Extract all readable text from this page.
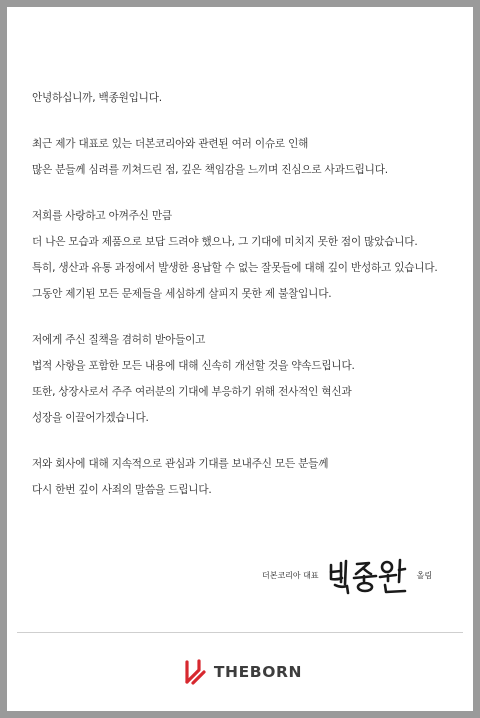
안녕하십니까, 백종원입니다.
최근 제가 대표로 있는 더본코리아와 관련된 여러 이슈로 인해
많은 분들께 심려를 끼쳐드린 점, 깊은 책임감을 느끼며 진심으로 사과드립니다.
저희를 사랑하고 아껴주신 만큼
더 나은 모습과 제품으로 보답 드려야 했으나, 그 기대에 미치지 못한 점이 많았습니다.
특히, 생산과 유통 과정에서 발생한 용납할 수 없는 잘못들에 대해 깊이 반성하고 있습니다.
그동안 제기된 모든 문제들을 세심하게 살피지 못한 제 불찰입니다.
저에게 주신 질책을 겸허히 받아들이고
법적 사항을 포함한 모든 내용에 대해 신속히 개선할 것을 약속드립니다.
또한, 상장사로서 주주 여러분의 기대에 부응하기 위해 전사적인 혁신과
성장을 이끌어가겠습니다.
저와 회사에 대해 지속적으로 관심과 기대를 보내주신 모든 분들께
다시 한번 깊이 사죄의 말씀을 드립니다.
더본코리아 대표	올림
THEBORN
